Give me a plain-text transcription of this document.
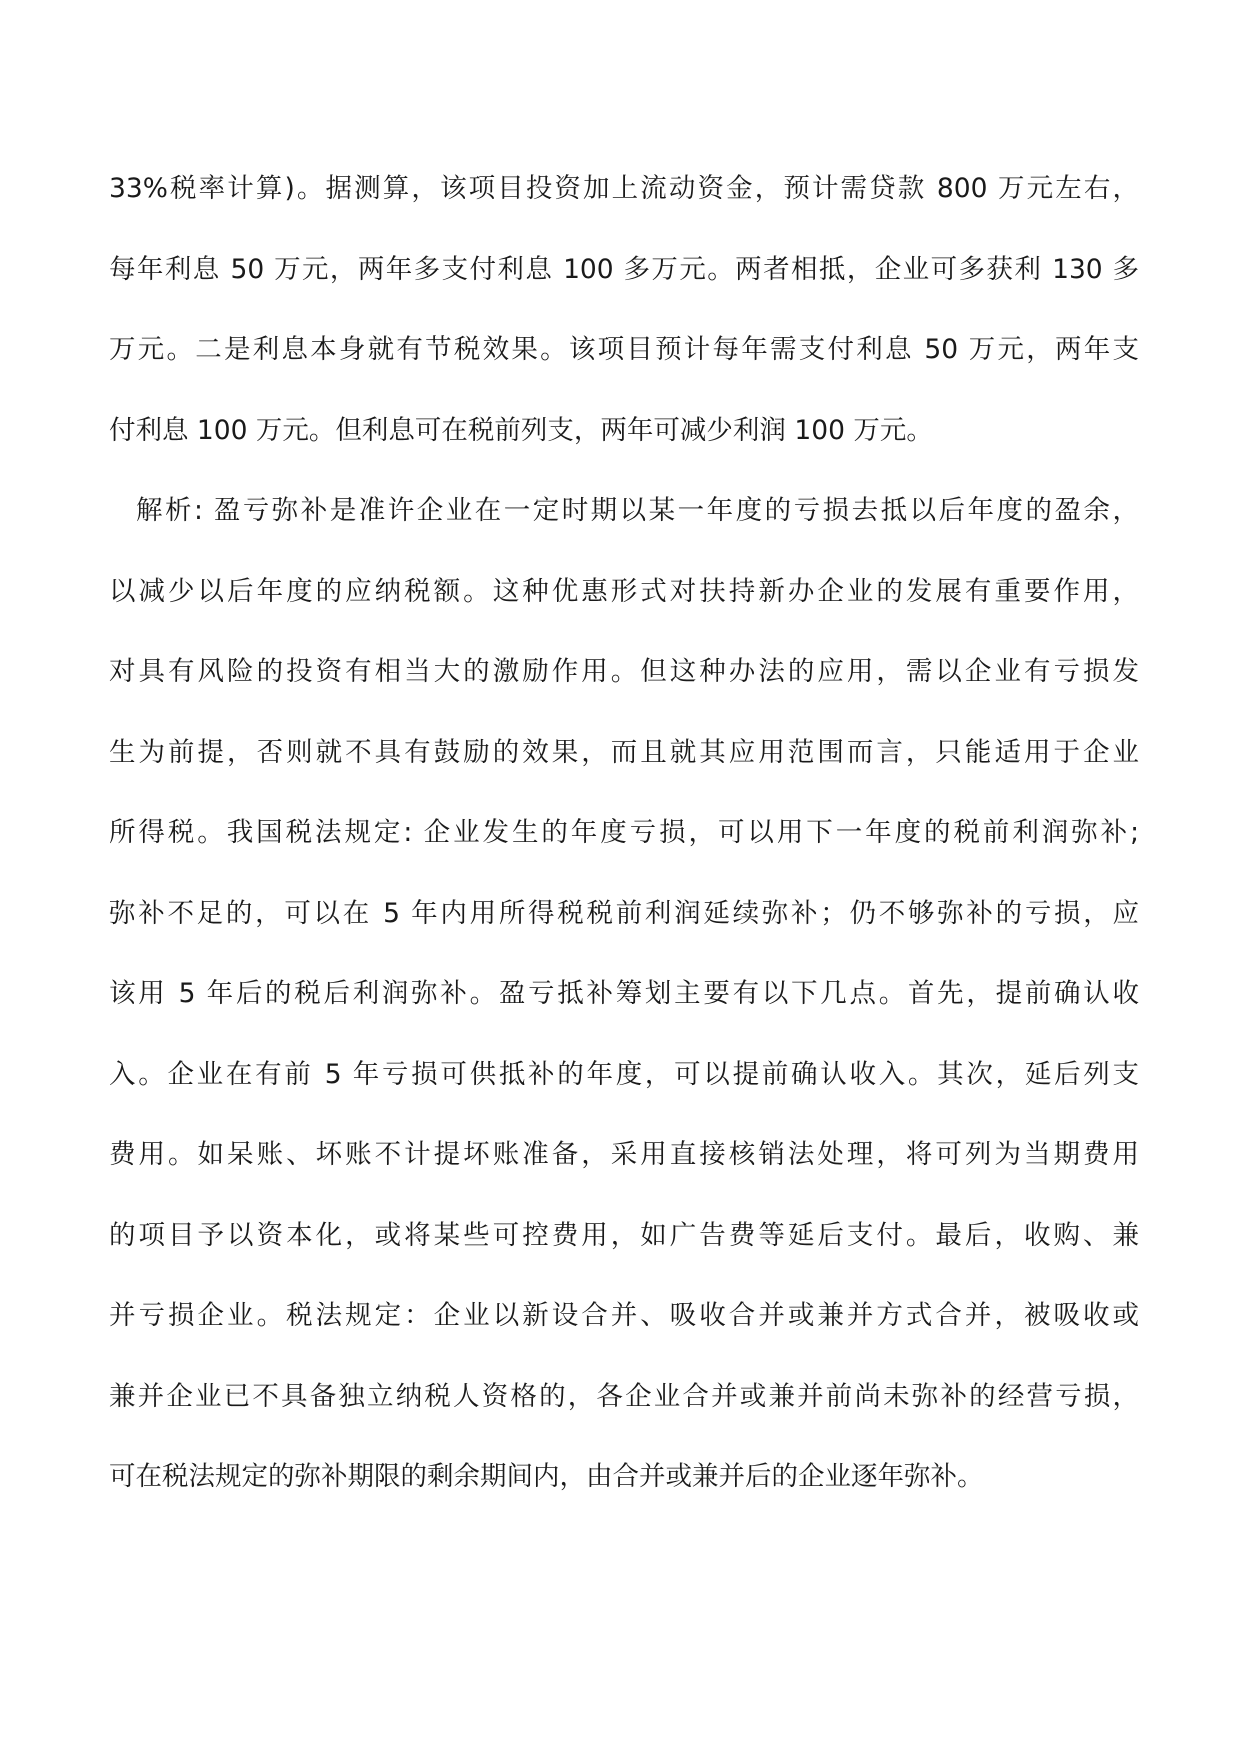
33%税率计算)。据测算，该项目投资加上流动资金，预计需贷款 800 万元左右，
每年利息 50 万元，两年多支付利息 100 多万元。两者相抵，企业可多获利 130 多
万元。二是利息本身就有节税效果。该项目预计每年需支付利息 50 万元，两年支
付利息 100 万元。但利息可在税前列支，两年可减少利润 100 万元。
解析: 盈亏弥补是准许企业在一定时期以某一年度的亏损去抵以后年度的盈余，
以减少以后年度的应纳税额。这种优惠形式对扶持新办企业的发展有重要作用，
对具有风险的投资有相当大的激励作用。但这种办法的应用，需以企业有亏损发
生为前提，否则就不具有鼓励的效果，而且就其应用范围而言，只能适用于企业
所得税。我国税法规定: 企业发生的年度亏损，可以用下一年度的税前利润弥补;
弥补不足的，可以在 5 年内用所得税税前利润延续弥补；仍不够弥补的亏损，应
该用 5 年后的税后利润弥补。盈亏抵补筹划主要有以下几点。首先，提前确认收
入。企业在有前 5 年亏损可供抵补的年度，可以提前确认收入。其次，延后列支
费用。如呆账、坏账不计提坏账准备，采用直接核销法处理，将可列为当期费用
的项目予以资本化，或将某些可控费用，如广告费等延后支付。最后，收购、兼
并亏损企业。税法规定：企业以新设合并、吸收合并或兼并方式合并，被吸收或
兼并企业已不具备独立纳税人资格的，各企业合并或兼并前尚未弥补的经营亏损，
可在税法规定的弥补期限的剩余期间内，由合并或兼并后的企业逐年弥补。
